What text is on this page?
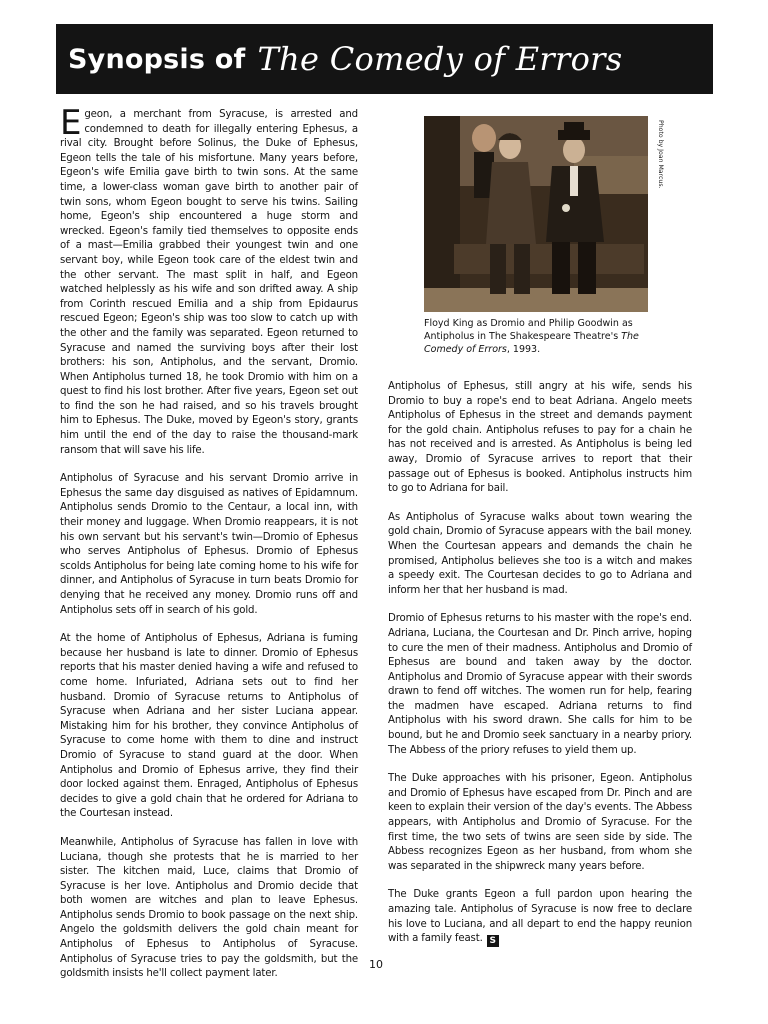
Synopsis of The Comedy of Errors

Egeon, a merchant from Syracuse, is arrested and condemned to death for illegally entering Ephesus, a rival city. Brought before Solinus, the Duke of Ephesus, Egeon tells the tale of his misfortune. Many years before, Egeon's wife Emilia gave birth to twin sons. At the same time, a lower-class woman gave birth to another pair of twin sons, whom Egeon bought to serve his twins. Sailing home, Egeon's ship encountered a huge storm and wrecked. Egeon's family tied themselves to opposite ends of a mast—Emilia grabbed their youngest twin and one servant boy, while Egeon took care of the eldest twin and the other servant. The mast split in half, and Egeon watched helplessly as his wife and son drifted away. A ship from Corinth rescued Emilia and a ship from Epidaurus rescued Egeon; Egeon's ship was too slow to catch up with the other and the family was separated. Egeon returned to Syracuse and named the surviving boys after their lost brothers: his son, Antipholus, and the servant, Dromio. When Antipholus turned 18, he took Dromio with him on a quest to find his lost brother. After five years, Egeon set out to find the son he had raised, and so his travels brought him to Ephesus. The Duke, moved by Egeon's story, grants him until the end of the day to raise the thousand-mark ransom that will save his life.

Antipholus of Syracuse and his servant Dromio arrive in Ephesus the same day disguised as natives of Epidamnum. Antipholus sends Dromio to the Centaur, a local inn, with their money and luggage. When Dromio reappears, it is not his own servant but his servant's twin—Dromio of Ephesus who serves Antipholus of Ephesus. Dromio of Ephesus scolds Antipholus for being late coming home to his wife for dinner, and Antipholus of Syracuse in turn beats Dromio for denying that he received any money. Dromio runs off and Antipholus sets off in search of his gold.

At the home of Antipholus of Ephesus, Adriana is fuming because her husband is late to dinner. Dromio of Ephesus reports that his master denied having a wife and refused to come home. Infuriated, Adriana sets out to find her husband. Dromio of Syracuse returns to Antipholus of Syracuse when Adriana and her sister Luciana appear. Mistaking him for his brother, they convince Antipholus of Syracuse to come home with them to dine and instruct Dromio of Syracuse to stand guard at the door. When Antipholus and Dromio of Ephesus arrive, they find their door locked against them. Enraged, Antipholus of Ephesus decides to give a gold chain that he ordered for Adriana to the Courtesan instead.

Meanwhile, Antipholus of Syracuse has fallen in love with Luciana, though she protests that he is married to her sister. The kitchen maid, Luce, claims that Dromio of Syracuse is her love. Antipholus and Dromio decide that both women are witches and plan to leave Ephesus. Antipholus sends Dromio to book passage on the next ship. Angelo the goldsmith delivers the gold chain meant for Antipholus of Ephesus to Antipholus of Syracuse. Antipholus of Syracuse tries to pay the goldsmith, but the goldsmith insists he'll collect payment later.

Photo by Joan Marcus.
Floyd King as Dromio and Philip Goodwin as Antipholus in The Shakespeare Theatre's The Comedy of Errors, 1993.

Antipholus of Ephesus, still angry at his wife, sends his Dromio to buy a rope's end to beat Adriana. Angelo meets Antipholus of Ephesus in the street and demands payment for the gold chain. Antipholus refuses to pay for a chain he has not received and is arrested. As Antipholus is being led away, Dromio of Syracuse arrives to report that their passage out of Ephesus is booked. Antipholus instructs him to go to Adriana for bail.

As Antipholus of Syracuse walks about town wearing the gold chain, Dromio of Syracuse appears with the bail money. When the Courtesan appears and demands the chain he promised, Antipholus believes she too is a witch and makes a speedy exit. The Courtesan decides to go to Adriana and inform her that her husband is mad.

Dromio of Ephesus returns to his master with the rope's end. Adriana, Luciana, the Courtesan and Dr. Pinch arrive, hoping to cure the men of their madness. Antipholus and Dromio of Ephesus are bound and taken away by the doctor. Antipholus and Dromio of Syracuse appear with their swords drawn to fend off witches. The women run for help, fearing the madmen have escaped. Adriana returns to find Antipholus with his sword drawn. She calls for him to be bound, but he and Dromio seek sanctuary in a nearby priory. The Abbess of the priory refuses to yield them up.

The Duke approaches with his prisoner, Egeon. Antipholus and Dromio of Ephesus have escaped from Dr. Pinch and are keen to explain their version of the day's events. The Abbess appears, with Antipholus and Dromio of Syracuse. For the first time, the two sets of twins are seen side by side. The Abbess recognizes Egeon as her husband, from whom she was separated in the shipwreck many years before.

The Duke grants Egeon a full pardon upon hearing the amazing tale. Antipholus of Syracuse is now free to declare his love to Luciana, and all depart to end the happy reunion with a family feast. S

10
